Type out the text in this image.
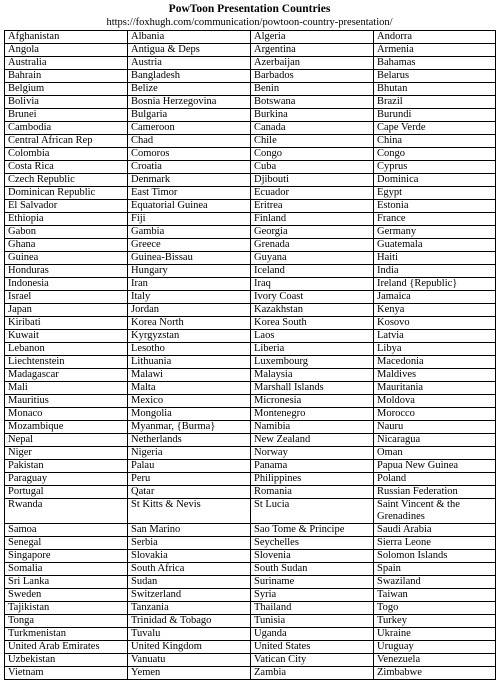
PowToon Presentation Countries
https://foxhugh.com/communication/powtoon-country-presentation/
Afghanistan	Albania	Algeria	Andorra
Angola	Antigua & Deps	Argentina	Armenia
Australia	Austria	Azerbaijan	Bahamas
Bahrain	Bangladesh	Barbados	Belarus
Belgium	Belize	Benin	Bhutan
Bolivia	Bosnia Herzegovina	Botswana	Brazil
Brunei	Bulgaria	Burkina	Burundi
Cambodia	Cameroon	Canada	Cape Verde
Central African Rep	Chad	Chile	China
Colombia	Comoros	Congo	Congo
Costa Rica	Croatia	Cuba	Cyprus
Czech Republic	Denmark	Djibouti	Dominica
Dominican Republic	East Timor	Ecuador	Egypt
El Salvador	Equatorial Guinea	Eritrea	Estonia
Ethiopia	Fiji	Finland	France
Gabon	Gambia	Georgia	Germany
Ghana	Greece	Grenada	Guatemala
Guinea	Guinea-Bissau	Guyana	Haiti
Honduras	Hungary	Iceland	India
Indonesia	Iran	Iraq	Ireland {Republic}
Israel	Italy	Ivory Coast	Jamaica
Japan	Jordan	Kazakhstan	Kenya
Kiribati	Korea North	Korea South	Kosovo
Kuwait	Kyrgyzstan	Laos	Latvia
Lebanon	Lesotho	Liberia	Libya
Liechtenstein	Lithuania	Luxembourg	Macedonia
Madagascar	Malawi	Malaysia	Maldives
Mali	Malta	Marshall Islands	Mauritania
Mauritius	Mexico	Micronesia	Moldova
Monaco	Mongolia	Montenegro	Morocco
Mozambique	Myanmar, {Burma}	Namibia	Nauru
Nepal	Netherlands	New Zealand	Nicaragua
Niger	Nigeria	Norway	Oman
Pakistan	Palau	Panama	Papua New Guinea
Paraguay	Peru	Philippines	Poland
Portugal	Qatar	Romania	Russian Federation
Rwanda	St Kitts & Nevis	St Lucia	Saint Vincent & the Grenadines
Samoa	San Marino	Sao Tome & Principe	Saudi Arabia
Senegal	Serbia	Seychelles	Sierra Leone
Singapore	Slovakia	Slovenia	Solomon Islands
Somalia	South Africa	South Sudan	Spain
Sri Lanka	Sudan	Suriname	Swaziland
Sweden	Switzerland	Syria	Taiwan
Tajikistan	Tanzania	Thailand	Togo
Tonga	Trinidad & Tobago	Tunisia	Turkey
Turkmenistan	Tuvalu	Uganda	Ukraine
United Arab Emirates	United Kingdom	United States	Uruguay
Uzbekistan	Vanuatu	Vatican City	Venezuela
Vietnam	Yemen	Zambia	Zimbabwe
